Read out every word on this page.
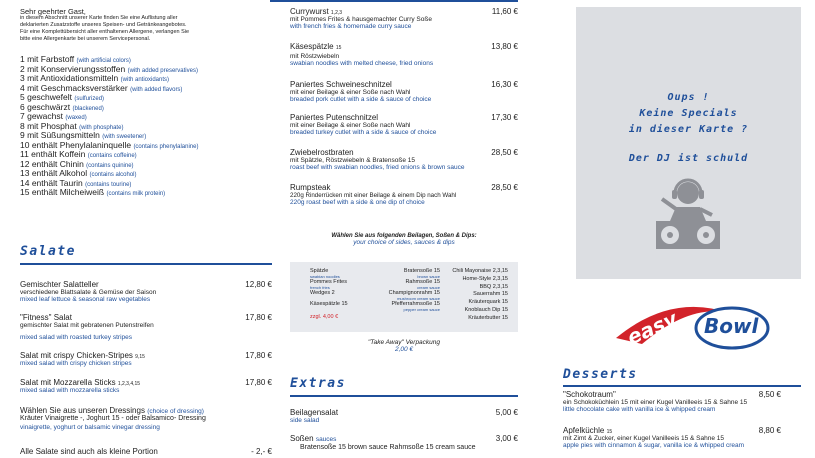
Sehr geehrter Gast,
in diesem Abschnitt unserer Karte finden Sie eine Auflistung aller
deklarierten Zusatzstoffe unseres Speisen- und Getränkeangebotes.
Für eine Komplettübersicht aller enthaltenen Allergene, verlangen Sie
bitte eine Allergenkarte bei unserem Servicepersonal.
1 mit Farbstoff (with artificial colors)
2 mit Konservierungsstoffen (with added preservatives)
3 mit Antioxidationsmitteln (with antioxidants)
4 mit Geschmacksverstärker (with added flavors)
5 geschwefelt (sulfurized)
6 geschwärzt (blackened)
7 gewachst (waxed)
8 mit Phosphat (with phosphate)
9 mit Süßungsmitteln (with sweetener)
10 enthält Phenylalaninquelle (contains phenylalanine)
11 enthält Koffein (contains coffeine)
12 enthält Chinin (contains quinine)
13 enthält Alkohol (contains alcohol)
14 enthält Taurin (contains tourine)
15 enthält Milcheiweiß (contains milk protein)
Salate
Gemischter Salatteller
verschiedene Blattsalate & Gemüse der Saison
mixed leaf lettuce & seasonal raw vegetables
12,80 €
"Fitness" Salat
gemischter Salat mit gebratenen Putenstreifen
mixed salad with roasted turkey stripes
17,80 €
Salat mit crispy Chicken-Stripes 9,15
mixed salad with crispy chicken stripes
17,80 €
Salat mit Mozzarella Sticks 1,2,3,4,15
mixed salad with mozzarella sticks
17,80 €
Wählen Sie aus unseren Dressings (choice of dressing)
Kräuter Vinaigrette -, Joghurt 15 - oder Balsamico- Dressing
vinaigrette, yoghurt or balsamic vinegar dressing
Alle Salate sind auch als kleine Portion	- 2,- €
Currywurst 1,2,3
mit Pommes Frites & hausgemachter Curry Soße
with french fries & homemade curry sauce
11,60 €
Käsespätzle 15
mit Röstzwiebeln
swabian noodles with melted cheese, fried onions
13,80 €
Paniertes Schweineschnitzel
mit einer Beilage & einer Soße nach Wahl
breaded pork cutlet with a side & sauce of choice
16,30 €
Paniertes Putenschnitzel
mit einer Beilage & einer Soße nach Wahl
breaded turkey cutlet with a side & sauce of choice
17,30 €
Zwiebelrostbraten
mit Spätzle, Röstzwiebeln & Bratensoße 15
roast beef with swabian noodles, fried onions & brown sauce
28,50 €
Rumpsteak
220g Rinderrücken mit einer Beilage & einem Dip nach Wahl
220g roast beef with a side & one dip of choice
28,50 €
Wählen Sie aus folgenden Beilagen, Soßen & Dips:
your choice of sides, sauces & dips
Spätzle
swabian noodles
Pommes Frites
french fries
Wedges 2
Käsespätzle 15
zzgl. 4,00 €
Bratensoße 15
brown sauce
Rahmsoße 15
cream sauce
Champignonrahm 15
mushroom cream sauce
Pfefferrahmsoße 15
pepper cream sauce
Chili Mayonaise 2,3,15
Home-Style 2,3,15
BBQ 2,3,15
Sauerrahm 15
Kräuterquark 15
Knoblauch Dip 15
Kräuterbutter 15
"Take Away" Verpackung
2,00 €
Extras
Beilagensalat
side salad
5,00 €
Soßen sauces
Bratensoße 15 brown sauce Rahmsoße 15 cream sauce
3,00 €
Oups !
Keine Specials
in dieser Karte ?
Der DJ ist schuld
easy Bowl
Desserts
"Schokotraum"
ein Schokoküchlein 15 mit einer Kugel Vanilleeis 15 & Sahne 15
little chocolate cake with vanilla ice & whipped cream
8,50 €
Apfelküchle 15
mit Zimt & Zucker, einer Kugel Vanilleeis 15 & Sahne 15
apple pies with cinnamon & sugar, vanilla ice & whipped cream
8,80 €
